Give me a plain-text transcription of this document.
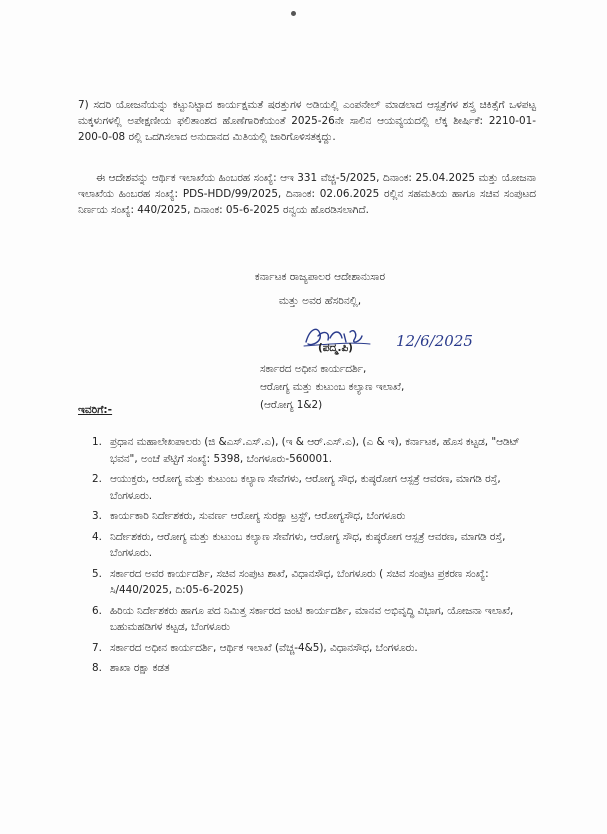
7) ಸದರಿ ಯೋಜನೆಯನ್ನು ಕಟ್ಟುನಿಟ್ಟಾದ ಕಾರ್ಯಕ್ಷಮತೆ ಷರತ್ತುಗಳ ಅಡಿಯಲ್ಲಿ ಎಂಪನೇಲ್ ಮಾಡಲಾದ ಆಸ್ಪತ್ರೆಗಳ ಶಸ್ತ್ರ ಚಿಕಿತ್ಸೆಗೆ ಒಳಪಟ್ಟ ಮಕ್ಕಳುಗಳಲ್ಲಿ ಅಪೇಕ್ಷಣೀಯ ಫಲಿತಾಂಶದ ಹೊಣೆಗಾರಿಕೆಯಂತೆ 2025-26ನೇ ಸಾಲಿನ ಆಯವ್ಯಯದಲ್ಲಿ ಲೆಕ್ಕ ಶೀರ್ಷಿಕೆ: 2210-01-200-0-08 ರಲ್ಲಿ ಒದಗಿಸಲಾದ ಅನುದಾನದ ಮಿತಿಯಲ್ಲಿ ಜಾರಿಗೊಳಿಸತಕ್ಕದ್ದು.
ಈ ಆದೇಶವನ್ನು ಆರ್ಥಿಕ ಇಲಾಖೆಯ ಹಿಂಬರಹ ಸಂಖ್ಯೆ: ಆಇ 331 ವೆಚ್ಚ-5/2025, ದಿನಾಂಕ: 25.04.2025 ಮತ್ತು ಯೋಜನಾ ಇಲಾಖೆಯ ಹಿಂಬರಹ ಸಂಖ್ಯೆ: PDS-HDD/99/2025, ದಿನಾಂಕ: 02.06.2025 ರಲ್ಲಿನ ಸಹಮತಿಯ ಹಾಗೂ ಸಚಿವ ಸಂಪುಟದ ನಿರ್ಣಯ ಸಂಖ್ಯೆ: 440/2025, ದಿನಾಂಕ: 05-6-2025 ರನ್ವಯ ಹೊರಡಿಸಲಾಗಿದೆ.
ಕರ್ನಾಟಕ ರಾಜ್ಯಪಾಲರ ಆದೇಶಾನುಸಾರ
ಮತ್ತು ಅವರ ಹೆಸರಿನಲ್ಲಿ,
12/6/2025
(ಪದ್ಮ.ಪಿ)
ಸರ್ಕಾರದ ಅಧೀನ ಕಾರ್ಯದರ್ಶಿ,
ಆರೋಗ್ಯ ಮತ್ತು ಕುಟುಂಬ ಕಲ್ಯಾಣ ಇಲಾಖೆ,
(ಆರೋಗ್ಯ 1&2)
ಇವರಿಗೆ:-
1. ಪ್ರಧಾನ ಮಹಾಲೇಖಪಾಲರು (ಜಿ &ಎಸ್.ಎಸ್.ಎ), (ಇ & ಆರ್.ಎಸ್.ಎ), (ಎ & ಇ), ಕರ್ನಾಟಕ, ಹೊಸ ಕಟ್ಟಡ, "ಆಡಿಟ್ ಭವನ", ಅಂಚೆ ಪೆಟ್ಟಿಗೆ ಸಂಖ್ಯೆ: 5398, ಬೆಂಗಳೂರು-560001.
2. ಆಯುಕ್ತರು, ಆರೋಗ್ಯ ಮತ್ತು ಕುಟುಂಬ ಕಲ್ಯಾಣ ಸೇವೆಗಳು, ಆರೋಗ್ಯ ಸೌಧ, ಕುಷ್ಠರೋಗ ಆಸ್ಪತ್ರೆ ಆವರಣ, ಮಾಗಡಿ ರಸ್ತೆ, ಬೆಂಗಳೂರು.
3. ಕಾರ್ಯಕಾರಿ ನಿರ್ದೇಶಕರು, ಸುವರ್ಣ ಆರೋಗ್ಯ ಸುರಕ್ಷಾ ಟ್ರಸ್ಟ್, ಆರೋಗ್ಯಸೌಧ, ಬೆಂಗಳೂರು
4. ನಿರ್ದೇಶಕರು, ಆರೋಗ್ಯ ಮತ್ತು ಕುಟುಂಬ ಕಲ್ಯಾಣ ಸೇವೆಗಳು, ಆರೋಗ್ಯ ಸೌಧ, ಕುಷ್ಠರೋಗ ಆಸ್ಪತ್ರೆ ಆವರಣ, ಮಾಗಡಿ ರಸ್ತೆ, ಬೆಂಗಳೂರು.
5. ಸರ್ಕಾರದ ಅವರ ಕಾರ್ಯದರ್ಶಿ, ಸಚಿವ ಸಂಪುಟ ಶಾಖೆ, ವಿಧಾನಸೌಧ, ಬೆಂಗಳೂರು ( ಸಚಿವ ಸಂಪುಟ ಪ್ರಕರಣ ಸಂಖ್ಯೆ: ಸಿ/440/2025, ದಿ:05-6-2025)
6. ಹಿರಿಯ ನಿರ್ದೇಶಕರು ಹಾಗೂ ಪದ ನಿಮಿತ್ತ ಸರ್ಕಾರದ ಜಂಟಿ ಕಾರ್ಯದರ್ಶಿ, ಮಾನವ ಅಭಿವೃದ್ಧಿ ವಿಭಾಗ, ಯೋಜನಾ ಇಲಾಖೆ, ಬಹುಮಹಡಿಗಳ ಕಟ್ಟಡ, ಬೆಂಗಳೂರು
7. ಸರ್ಕಾರದ ಅಧೀನ ಕಾರ್ಯದರ್ಶಿ, ಆರ್ಥಿಕ ಇಲಾಖೆ (ವೆಚ್ಚ-4&5), ವಿಧಾನಸೌಧ, ಬೆಂಗಳೂರು.
8. ಶಾಖಾ ರಕ್ಷಾ ಕಡತ
